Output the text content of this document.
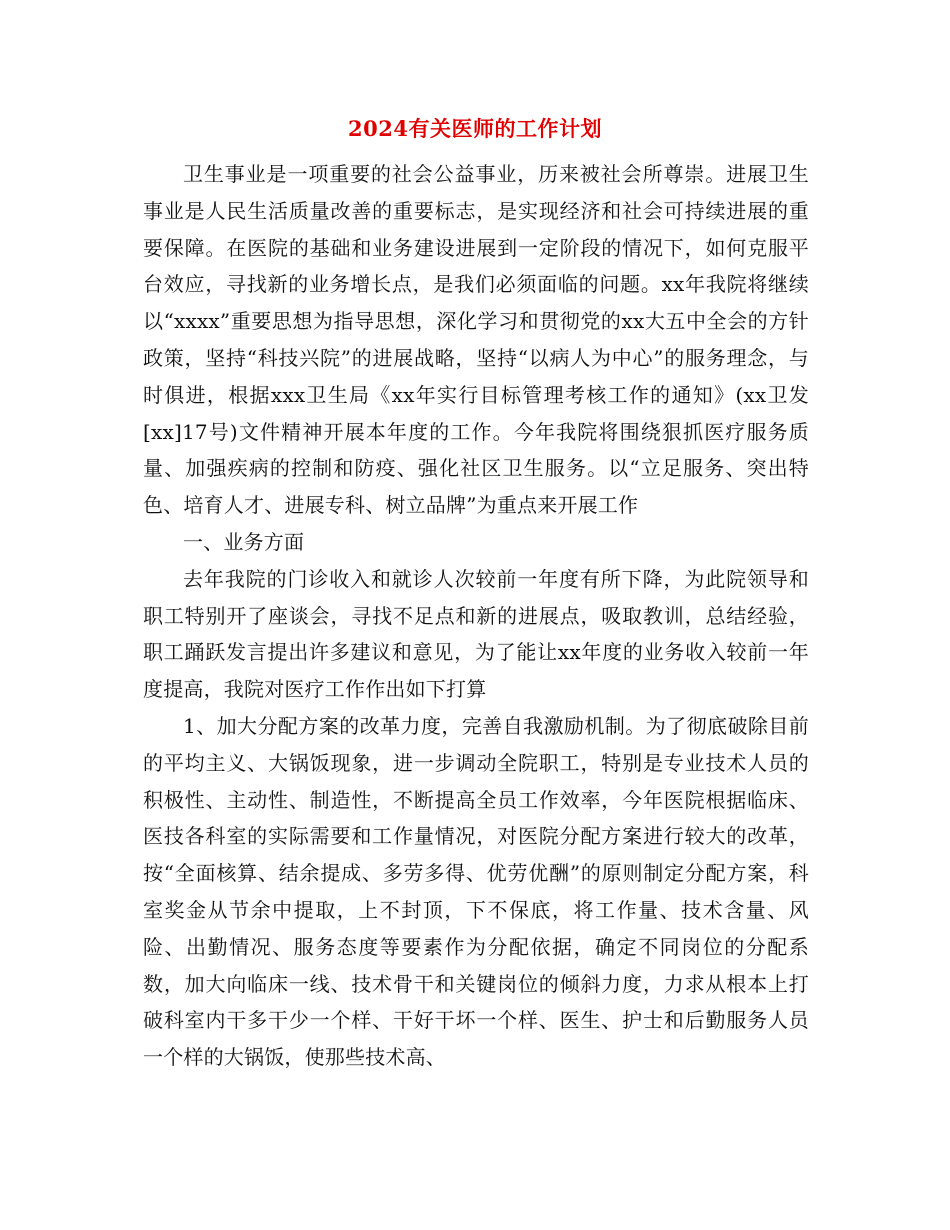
2024有关医师的工作计划

卫生事业是一项重要的社会公益事业，历来被社会所尊崇。进展卫生事业是人民生活质量改善的重要标志，是实现经济和社会可持续进展的重要保障。在医院的基础和业务建设进展到一定阶段的情况下，如何克服平台效应，寻找新的业务增长点，是我们必须面临的问题。xx年我院将继续以“xxxx”重要思想为指导思想，深化学习和贯彻党的xx大五中全会的方针政策，坚持“科技兴院”的进展战略，坚持“以病人为中心”的服务理念，与时俱进，根据xxx卫生局《xx年实行目标管理考核工作的通知》(xx卫发[xx]17号)文件精神开展本年度的工作。今年我院将围绕狠抓医疗服务质量、加强疾病的控制和防疫、强化社区卫生服务。以“立足服务、突出特色、培育人才、进展专科、树立品牌”为重点来开展工作

一、业务方面

去年我院的门诊收入和就诊人次较前一年度有所下降，为此院领导和职工特别开了座谈会，寻找不足点和新的进展点，吸取教训，总结经验，职工踊跃发言提出许多建议和意见，为了能让xx年度的业务收入较前一年度提高，我院对医疗工作作出如下打算

1、加大分配方案的改革力度，完善自我激励机制。为了彻底破除目前的平均主义、大锅饭现象，进一步调动全院职工，特别是专业技术人员的积极性、主动性、制造性，不断提高全员工作效率，今年医院根据临床、医技各科室的实际需要和工作量情况，对医院分配方案进行较大的改革，按“全面核算、结余提成、多劳多得、优劳优酬”的原则制定分配方案，科室奖金从节余中提取，上不封顶，下不保底，将工作量、技术含量、风险、出勤情况、服务态度等要素作为分配依据，确定不同岗位的分配系数，加大向临床一线、技术骨干和关键岗位的倾斜力度，力求从根本上打破科室内干多干少一个样、干好干坏一个样、医生、护士和后勤服务人员一个样的大锅饭，使那些技术高、
